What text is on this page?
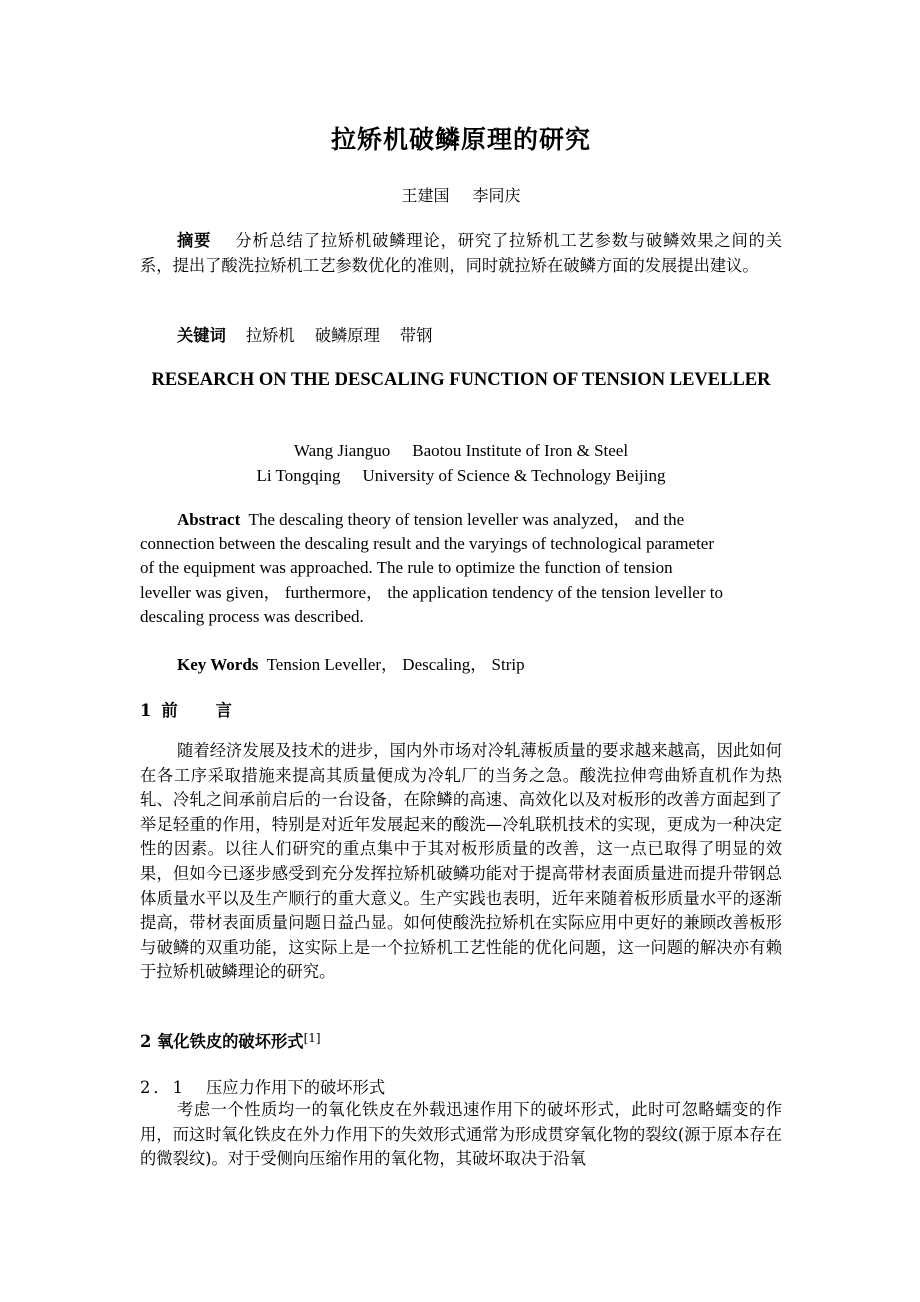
拉矫机破鳞原理的研究
王建国 李同庆

摘要 分析总结了拉矫机破鳞理论，研究了拉矫机工艺参数与破鳞效果之间的关系，提出了酸洗拉矫机工艺参数优化的准则，同时就拉矫在破鳞方面的发展提出建议。

关键词 拉矫机 破鳞原理 带钢
RESEARCH ON THE DESCALING FUNCTION OF TENSION LEVELLER
Wang Jianguo Baotou Institute of Iron & Steel
Li Tongqing University of Science & Technology Beijing
Abstract The descaling theory of tension leveller was analyzed， and the
connection between the descaling result and the varyings of technological parameter
of the equipment was approached. The rule to optimize the function of tension
leveller was given， furthermore， the application tendency of the tension leveller to
descaling process was described.
Key Words Tension Leveller， Descaling， Strip
1 前 言

随着经济发展及技术的进步，国内外市场对冷轧薄板质量的要求越来越高，因此如何在各工序采取措施来提高其质量便成为冷轧厂的当务之急。酸洗拉伸弯曲矫直机作为热轧、冷轧之间承前启后的一台设备，在除鳞的高速、高效化以及对板形的改善方面起到了举足轻重的作用，特别是对近年发展起来的酸洗—冷轧联机技术的实现，更成为一种决定性的因素。以往人们研究的重点集中于其对板形质量的改善，这一点已取得了明显的效果，但如今已逐步感受到充分发挥拉矫机破鳞功能对于提高带材表面质量进而提升带钢总体质量水平以及生产顺行的重大意义。生产实践也表明，近年来随着板形质量水平的逐渐提高，带材表面质量问题日益凸显。如何使酸洗拉矫机在实际应用中更好的兼顾改善板形与破鳞的双重功能，这实际上是一个拉矫机工艺性能的优化问题，这一问题的解决亦有赖于拉矫机破鳞理论的研究。

2 氧化铁皮的破坏形式[1]
2．1 压应力作用下的破坏形式

考虑一个性质均一的氧化铁皮在外载迅速作用下的破坏形式，此时可忽略蠕变的作用，而这时氧化铁皮在外力作用下的失效形式通常为形成贯穿氧化物的裂纹(源于原本存在的微裂纹)。对于受侧向压缩作用的氧化物，其破坏取决于沿氧
